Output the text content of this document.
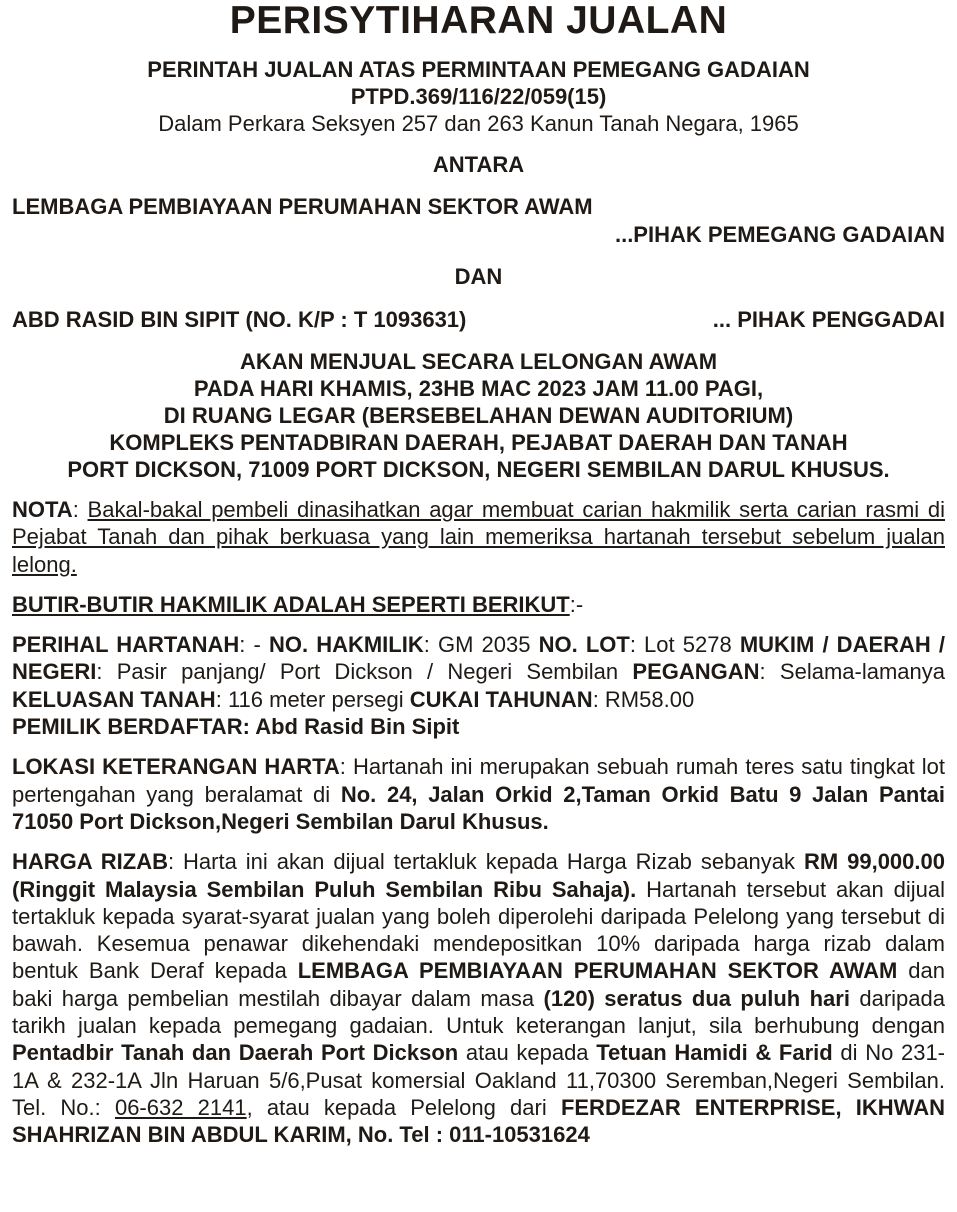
PERISYTIHARAN JUALAN

PERINTAH JUALAN ATAS PERMINTAAN PEMEGANG GADAIAN

PTPD.369/116/22/059(15)

Dalam Perkara Seksyen 257 dan 263 Kanun Tanah Negara, 1965

ANTARA
LEMBAGA PEMBIAYAAN PERUMAHAN SEKTOR AWAM
...PIHAK PEMEGANG GADAIAN
DAN
ABD RASID BIN SIPIT (NO. K/P : T 1093631)	... PIHAK PENGGADAI
AKAN MENJUAL SECARA LELONGAN AWAM
PADA HARI KHAMIS, 23HB MAC 2023 JAM 11.00 PAGI,
DI RUANG LEGAR (BERSEBELAHAN DEWAN AUDITORIUM)
KOMPLEKS PENTADBIRAN DAERAH, PEJABAT DAERAH DAN TANAH
PORT DICKSON, 71009 PORT DICKSON, NEGERI SEMBILAN DARUL KHUSUS.
NOTA: Bakal-bakal pembeli dinasihatkan agar membuat carian hakmilik serta carian rasmi di Pejabat Tanah dan pihak berkuasa yang lain memeriksa hartanah tersebut sebelum jualan lelong.
BUTIR-BUTIR HAKMILIK ADALAH SEPERTI BERIKUT:-
PERIHAL HARTANAH: - NO. HAKMILIK: GM 2035 NO. LOT: Lot 5278 MUKIM / DAERAH / NEGERI: Pasir panjang/ Port Dickson / Negeri Sembilan PEGANGAN: Selama-lamanya KELUASAN TANAH: 116 meter persegi CUKAI TAHUNAN: RM58.00
PEMILIK BERDAFTAR: Abd Rasid Bin Sipit
LOKASI KETERANGAN HARTA: Hartanah ini merupakan sebuah rumah teres satu tingkat lot pertengahan yang beralamat di No. 24, Jalan Orkid 2,Taman Orkid Batu 9 Jalan Pantai 71050 Port Dickson,Negeri Sembilan Darul Khusus.
HARGA RIZAB: Harta ini akan dijual tertakluk kepada Harga Rizab sebanyak RM 99,000.00 (Ringgit Malaysia Sembilan Puluh Sembilan Ribu Sahaja). Hartanah tersebut akan dijual tertakluk kepada syarat-syarat jualan yang boleh diperolehi daripada Pelelong yang tersebut di bawah. Kesemua penawar dikehendaki mendepositkan 10% daripada harga rizab dalam bentuk Bank Deraf kepada LEMBAGA PEMBIAYAAN PERUMAHAN SEKTOR AWAM dan baki harga pembelian mestilah dibayar dalam masa (120) seratus dua puluh hari daripada tarikh jualan kepada pemegang gadaian. Untuk keterangan lanjut, sila berhubung dengan Pentadbir Tanah dan Daerah Port Dickson atau kepada Tetuan Hamidi & Farid di No 231-1A & 232-1A Jln Haruan 5/6,Pusat komersial Oakland 11,70300 Seremban,Negeri Sembilan. Tel. No.: 06-632 2141, atau kepada Pelelong dari FERDEZAR ENTERPRISE, IKHWAN SHAHRIZAN BIN ABDUL KARIM, No. Tel : 011-10531624
